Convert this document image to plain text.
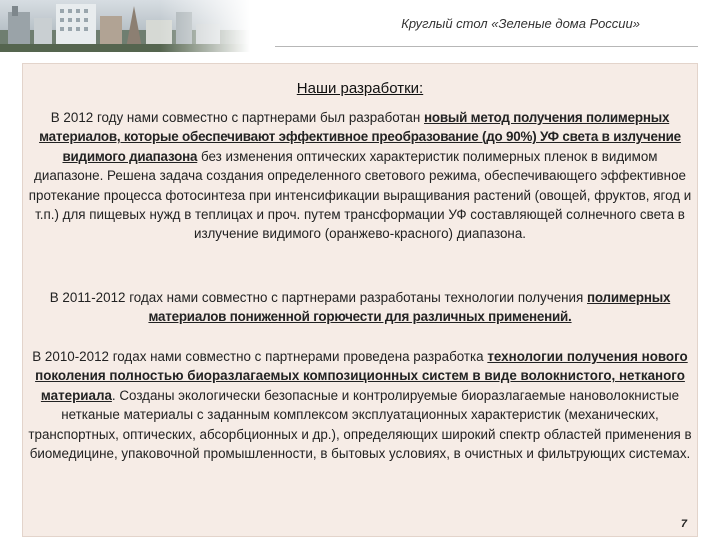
Круглый стол «Зеленые дома России»
Наши разработки:
В 2012 году нами совместно с партнерами был разработан новый метод получения полимерных материалов, которые обеспечивают эффективное преобразование (до 90%) УФ света в излучение видимого диапазона без изменения оптических характеристик полимерных пленок в видимом диапазоне. Решена задача создания определенного светового режима, обеспечивающего эффективное протекание процесса фотосинтеза при интенсификации выращивания растений (овощей, фруктов, ягод и т.п.) для пищевых нужд в теплицах и проч. путем трансформации УФ составляющей солнечного света в излучение видимого (оранжево-красного) диапазона.
В 2011-2012 годах нами совместно с партнерами разработаны технологии получения полимерных материалов пониженной горючести для различных применений.
В 2010-2012 годах нами совместно с партнерами проведена разработка технологии получения нового поколения полностью биоразлагаемых композиционных систем в виде волокнистого, нетканого материала. Созданы экологически безопасные и контролируемые биоразлагаемые нановолокнистые нетканые материалы с заданным комплексом эксплуатационных характеристик (механических, транспортных, оптических, абсорбционных и др.), определяющих широкий спектр областей применения в биомедицине, упаковочной промышленности, в бытовых условиях, в очистных и фильтрующих системах.
7
